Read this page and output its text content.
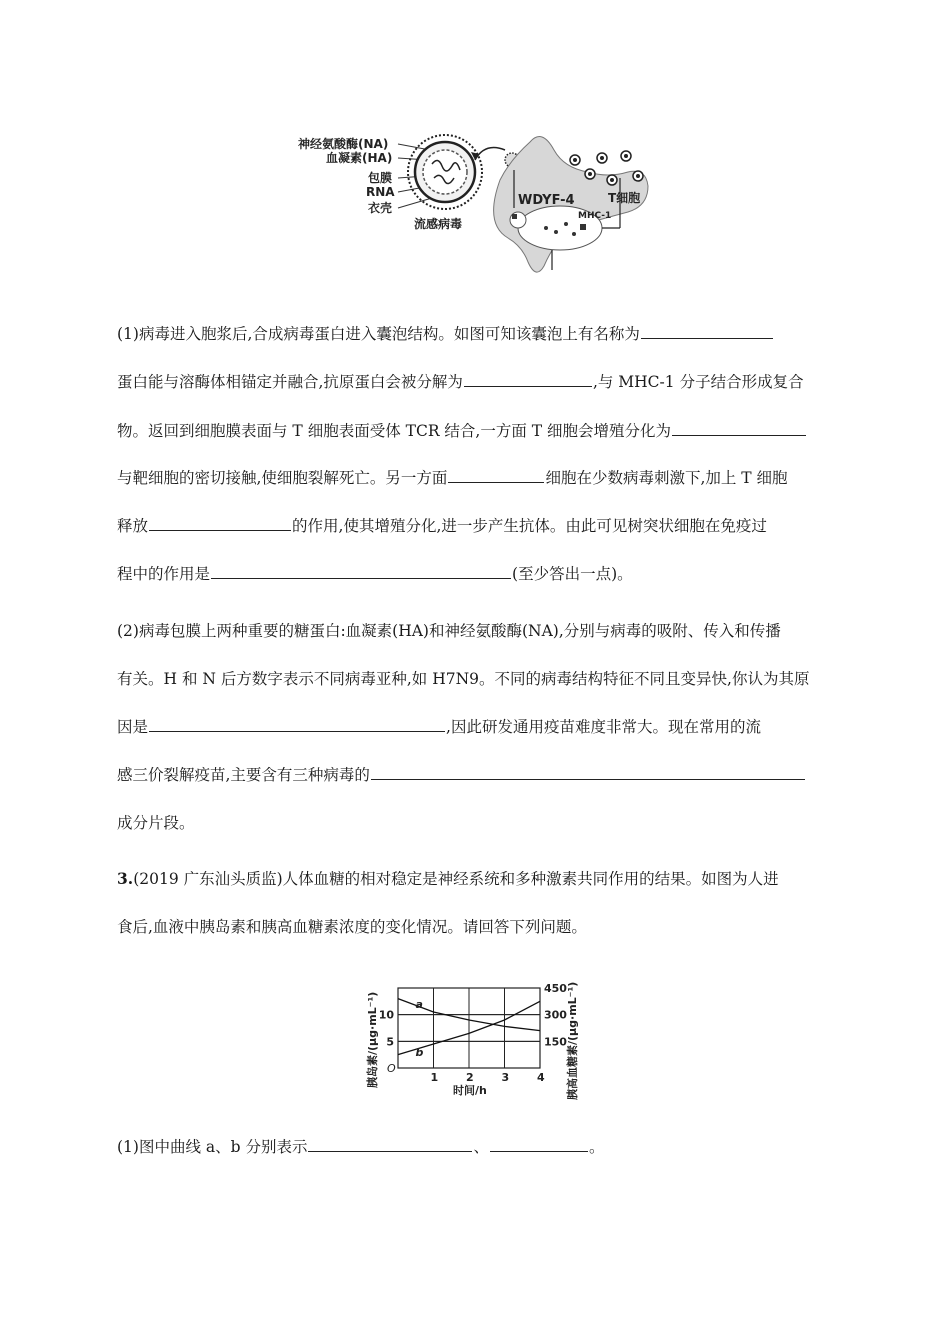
神经氨酸酶(NA)
血凝素(HA)
包膜
RNA
衣壳
流感病毒
WDYF-4
MHC-1
T细胞
(1)病毒进入胞浆后,合成病毒蛋白进入囊泡结构。如图可知该囊泡上有名称为
蛋白能与溶酶体相锚定并融合,抗原蛋白会被分解为	,与 MHC-1 分子结合形成复合
物。返回到细胞膜表面与 T 细胞表面受体 TCR 结合,一方面 T 细胞会增殖分化为
与靶细胞的密切接触,使细胞裂解死亡。另一方面	细胞在少数病毒刺激下,加上 T 细胞
释放	的作用,使其增殖分化,进一步产生抗体。由此可见树突状细胞在免疫过
程中的作用是	(至少答出一点)。
(2)病毒包膜上两种重要的糖蛋白:血凝素(HA)和神经氨酸酶(NA),分别与病毒的吸附、传入和传播
有关。H 和 N 后方数字表示不同病毒亚种,如 H7N9。不同的病毒结构特征不同且变异快,你认为其原
因是	,因此研发通用疫苗难度非常大。现在常用的流
感三价裂解疫苗,主要含有三种病毒的
成分片段。
3.(2019 广东汕头质监)人体血糖的相对稳定是神经系统和多种激素共同作用的结果。如图为人进
食后,血液中胰岛素和胰高血糖素浓度的变化情况。请回答下列问题。
a
b
1	2	3	4
5
10
150
300
450
胰岛素/(μg·mL⁻¹)	胰高血糖素/(μg·mL⁻¹)
时间/h
O
(1)图中曲线 a、b 分别表示	、	。
